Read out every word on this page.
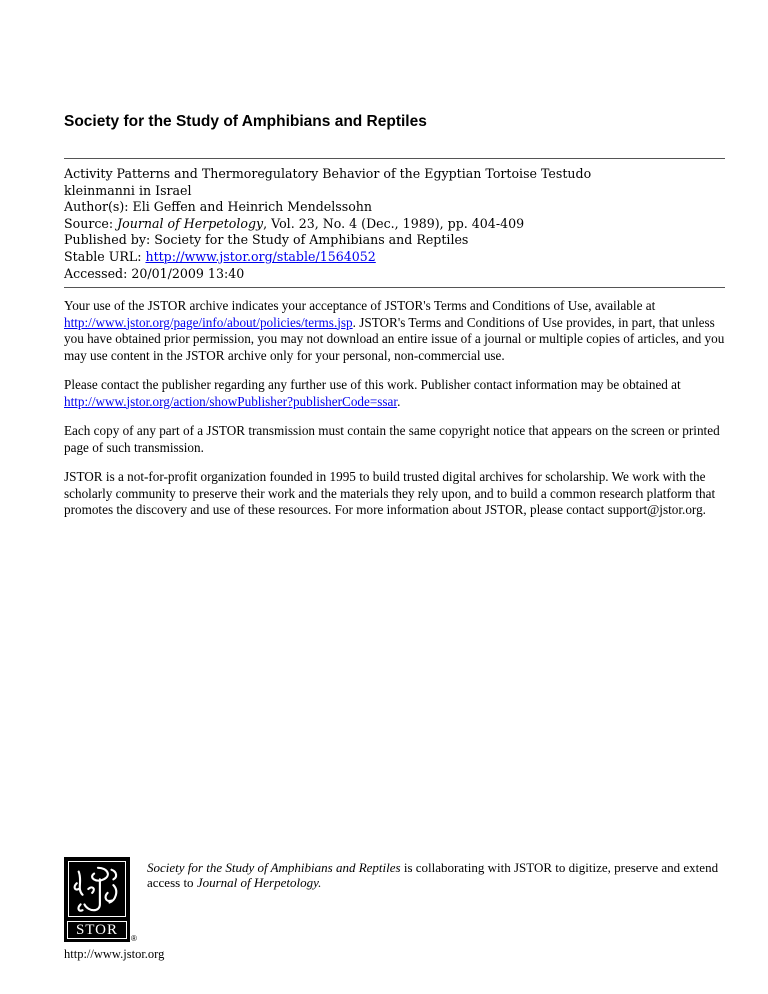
Society for the Study of Amphibians and Reptiles
Activity Patterns and Thermoregulatory Behavior of the Egyptian Tortoise Testudo
kleinmanni in Israel
Author(s): Eli Geffen and Heinrich Mendelssohn
Source: Journal of Herpetology, Vol. 23, No. 4 (Dec., 1989), pp. 404-409
Published by: Society for the Study of Amphibians and Reptiles
Stable URL: http://www.jstor.org/stable/1564052
Accessed: 20/01/2009 13:40

Your use of the JSTOR archive indicates your acceptance of JSTOR's Terms and Conditions of Use, available at
http://www.jstor.org/page/info/about/policies/terms.jsp. JSTOR's Terms and Conditions of Use provides, in part, that unless you have obtained prior permission, you may not download an entire issue of a journal or multiple copies of articles, and you may use content in the JSTOR archive only for your personal, non-commercial use.

Please contact the publisher regarding any further use of this work. Publisher contact information may be obtained at
http://www.jstor.org/action/showPublisher?publisherCode=ssar.

Each copy of any part of a JSTOR transmission must contain the same copyright notice that appears on the screen or printed page of such transmission.

JSTOR is a not-for-profit organization founded in 1995 to build trusted digital archives for scholarship. We work with the scholarly community to preserve their work and the materials they rely upon, and to build a common research platform that promotes the discovery and use of these resources. For more information about JSTOR, please contact support@jstor.org.

STOR
®
http://www.jstor.org
Society for the Study of Amphibians and Reptiles is collaborating with JSTOR to digitize, preserve and extend access to Journal of Herpetology.
